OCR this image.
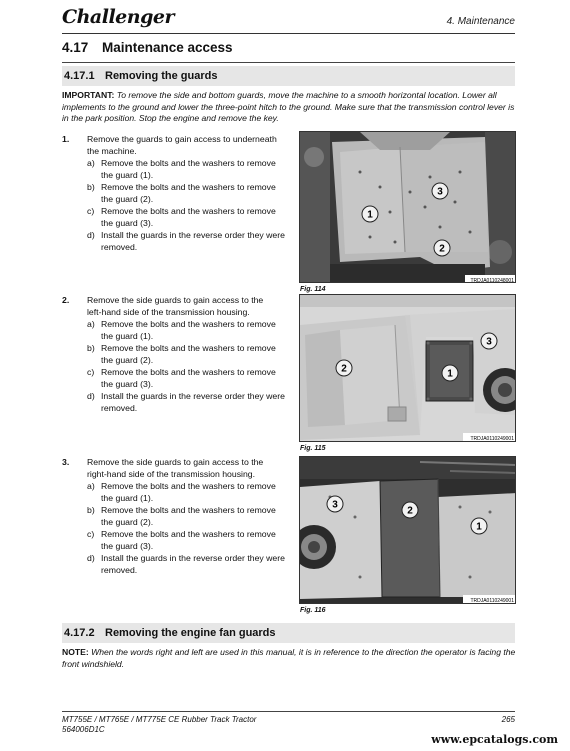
Challenger	4. Maintenance
4.17 Maintenance access
4.17.1 Removing the guards
IMPORTANT: To remove the side and bottom guards, move the machine to a smooth horizontal location. Lower all implements to the ground and lower the three-point hitch to the ground. Make sure that the transmission control lever is in the park position. Stop the engine and remove the key.
1. Remove the guards to gain access to underneath the machine.
a) Remove the bolts and the washers to remove the guard (1).
b) Remove the bolts and the washers to remove the guard (2).
c) Remove the bolts and the washers to remove the guard (3).
d) Install the guards in the reverse order they were removed.
2. Remove the side guards to gain access to the left-hand side of the transmission housing.
a) Remove the bolts and the washers to remove the guard (1).
b) Remove the bolts and the washers to remove the guard (2).
c) Remove the bolts and the washers to remove the guard (3).
d) Install the guards in the reverse order they were removed.
3. Remove the side guards to gain access to the right-hand side of the transmission housing.
a) Remove the bolts and the washers to remove the guard (1).
b) Remove the bolts and the washers to remove the guard (2).
c) Remove the bolts and the washers to remove the guard (3).
d) Install the guards in the reverse order they were removed.
1
2
3
TRDJA0110248001
Fig. 114
1
2
3
TRDJA0110249001
Fig. 115
1
2
3
TRDJA0110249001
Fig. 116
4.17.2 Removing the engine fan guards
NOTE: When the words right and left are used in this manual, it is in reference to the direction the operator is facing the front windshield.
MT755E / MT765E / MT775E CE Rubber Track Tractor
564006D1C
265
www.epcatalogs.com
